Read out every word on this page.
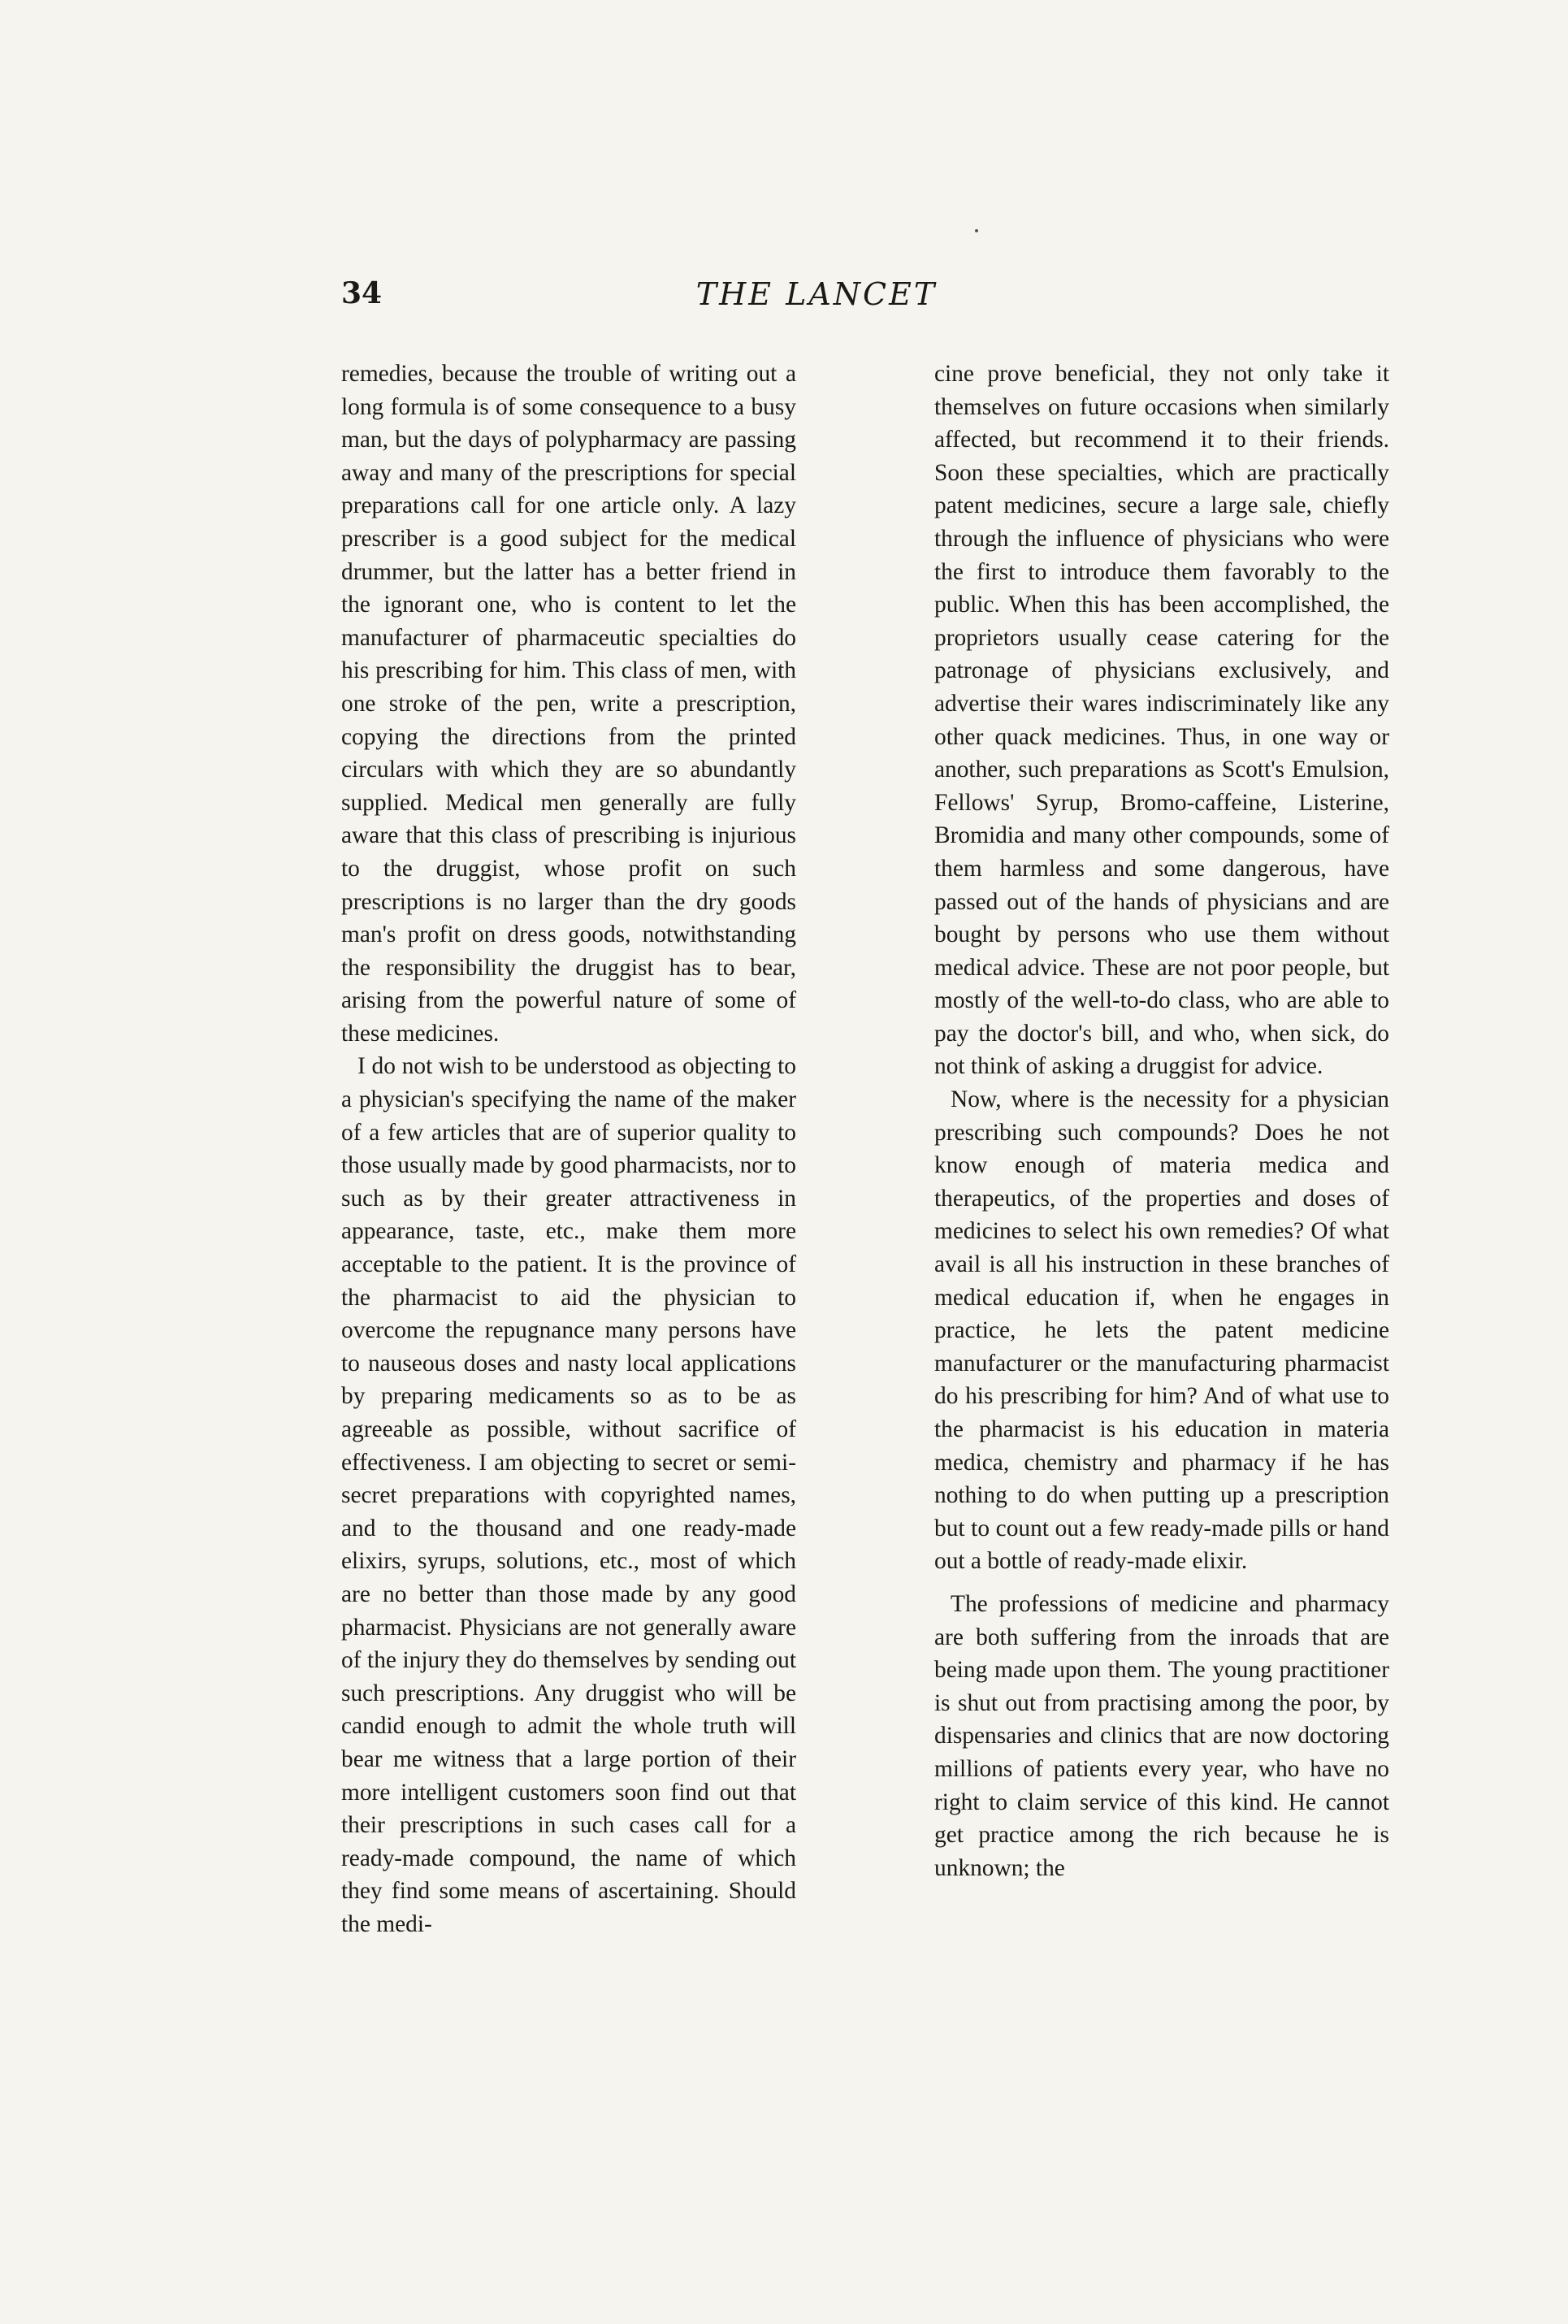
34	THE LANCET

remedies, because the trouble of writing out a long formula is of some consequence to a busy man, but the days of polypharmacy are passing away and many of the prescriptions for special preparations call for one article only. A lazy prescriber is a good subject for the medical drummer, but the latter has a better friend in the ignorant one, who is content to let the manufacturer of pharmaceutic specialties do his prescribing for him. This class of men, with one stroke of the pen, write a prescription, copying the directions from the printed circulars with which they are so abundantly supplied. Medical men generally are fully aware that this class of prescribing is injurious to the druggist, whose profit on such prescriptions is no larger than the dry goods man's profit on dress goods, notwithstanding the responsibility the druggist has to bear, arising from the powerful nature of some of these medicines.

I do not wish to be understood as objecting to a physician's specifying the name of the maker of a few articles that are of superior quality to those usually made by good pharmacists, nor to such as by their greater attractiveness in appearance, taste, etc., make them more acceptable to the patient. It is the province of the pharmacist to aid the physician to overcome the repugnance many persons have to nauseous doses and nasty local applications by preparing medicaments so as to be as agreeable as possible, without sacrifice of effectiveness. I am objecting to secret or semi-secret preparations with copyrighted names, and to the thousand and one ready-made elixirs, syrups, solutions, etc., most of which are no better than those made by any good pharmacist. Physicians are not generally aware of the injury they do themselves by sending out such prescriptions. Any druggist who will be candid enough to admit the whole truth will bear me witness that a large portion of their more intelligent customers soon find out that their prescriptions in such cases call for a ready-made compound, the name of which they find some means of ascertaining. Should the medi-

cine prove beneficial, they not only take it themselves on future occasions when similarly affected, but recommend it to their friends. Soon these specialties, which are practically patent medicines, secure a large sale, chiefly through the influence of physicians who were the first to introduce them favorably to the public. When this has been accomplished, the proprietors usually cease catering for the patronage of physicians exclusively, and advertise their wares indiscriminately like any other quack medicines. Thus, in one way or another, such preparations as Scott's Emulsion, Fellows' Syrup, Bromo-caffeine, Listerine, Bromidia and many other compounds, some of them harmless and some dangerous, have passed out of the hands of physicians and are bought by persons who use them without medical advice. These are not poor people, but mostly of the well-to-do class, who are able to pay the doctor's bill, and who, when sick, do not think of asking a druggist for advice.

Now, where is the necessity for a physician prescribing such compounds? Does he not know enough of materia medica and therapeutics, of the properties and doses of medicines to select his own remedies? Of what avail is all his instruction in these branches of medical education if, when he engages in practice, he lets the patent medicine manufacturer or the manufacturing pharmacist do his prescribing for him? And of what use to the pharmacist is his education in materia medica, chemistry and pharmacy if he has nothing to do when putting up a prescription but to count out a few ready-made pills or hand out a bottle of ready-made elixir.

The professions of medicine and pharmacy are both suffering from the inroads that are being made upon them. The young practitioner is shut out from practising among the poor, by dispensaries and clinics that are now doctoring millions of patients every year, who have no right to claim service of this kind. He cannot get practice among the rich because he is unknown; the
